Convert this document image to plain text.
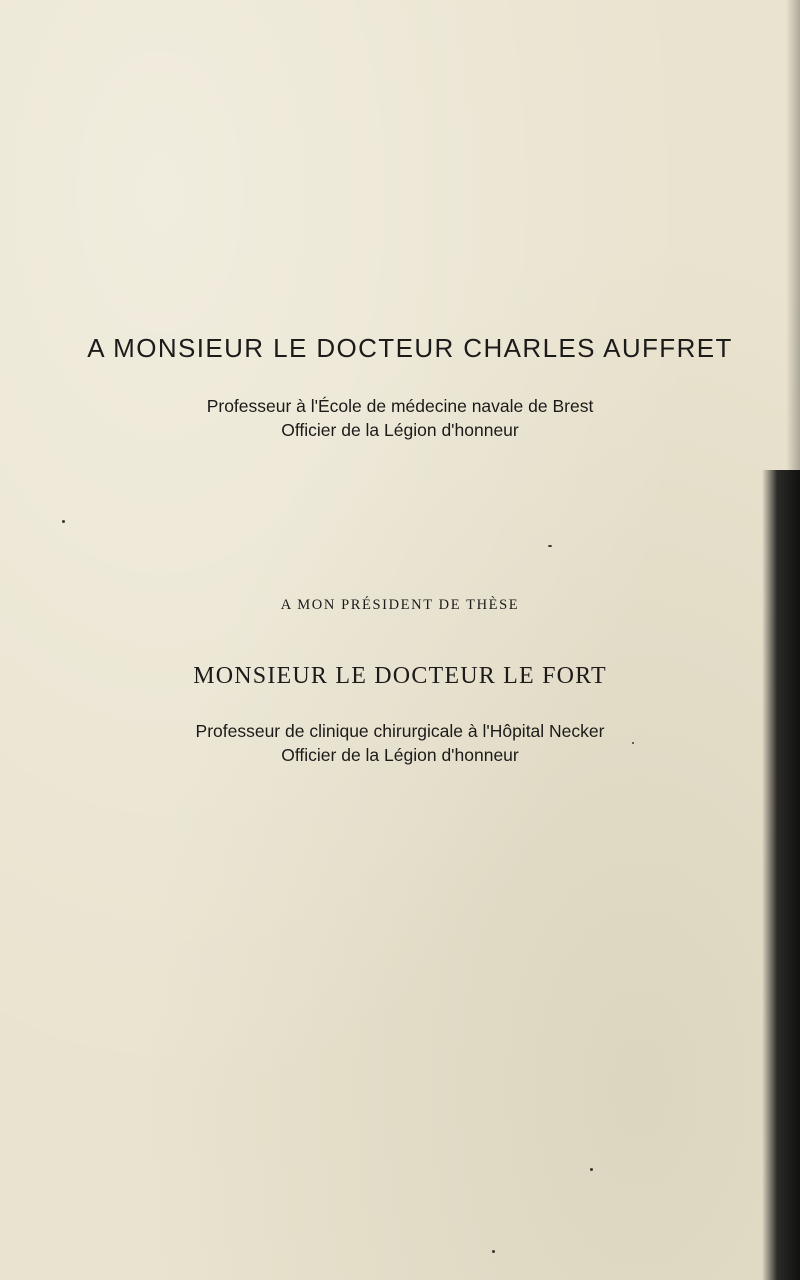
A MONSIEUR LE DOCTEUR CHARLES AUFFRET

Professeur à l'École de médecine navale de Brest

Officier de la Légion d'honneur

A MON PRÉSIDENT DE THÈSE

MONSIEUR LE DOCTEUR LE FORT

Professeur de clinique chirurgicale à l'Hôpital Necker

Officier de la Légion d'honneur
